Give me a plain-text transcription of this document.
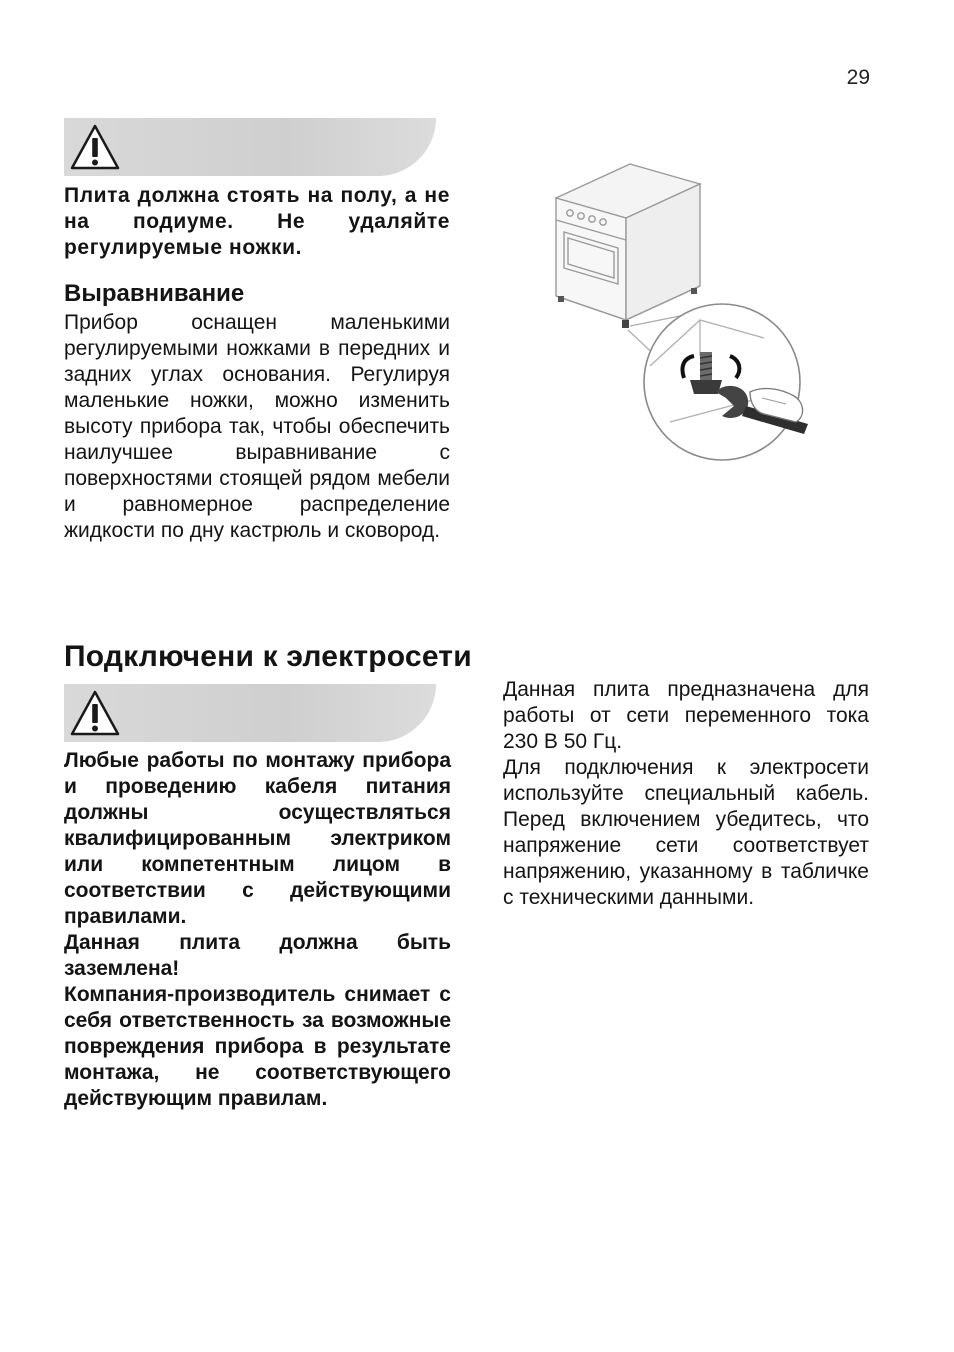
29
Плита должна стоять на полу, а не на подиуме. Не удаляйте регулируемые ножки.
Выравнивание
Прибор оснащен маленькими регулируемыми ножками в передних и задних углах основания. Регулируя маленькие ножки, можно изменить высоту прибора так, чтобы обеспечить наилучшее выравнивание с поверхностями стоящей рядом мебели и равномерное распределение жидкости по дну кастрюль и сковород.
Подключени к электросети

Любые работы по монтажу прибора и проведению кабеля питания должны осуществляться квалифицированным электриком или компетентным лицом в соответствии с действующими правилами.

Данная плита должна быть заземлена!

Компания-производитель снимает с себя ответственность за возможные повреждения прибора в результате монтажа, не соответствующего действующим правилам.

Данная плита предназначена для работы от сети переменного тока 230 В 50 Гц.

Для подключения к электросети используйте специальный кабель. Перед включением убедитесь, что напряжение сети соответствует напряжению, указанному в табличке с техническими данными.
